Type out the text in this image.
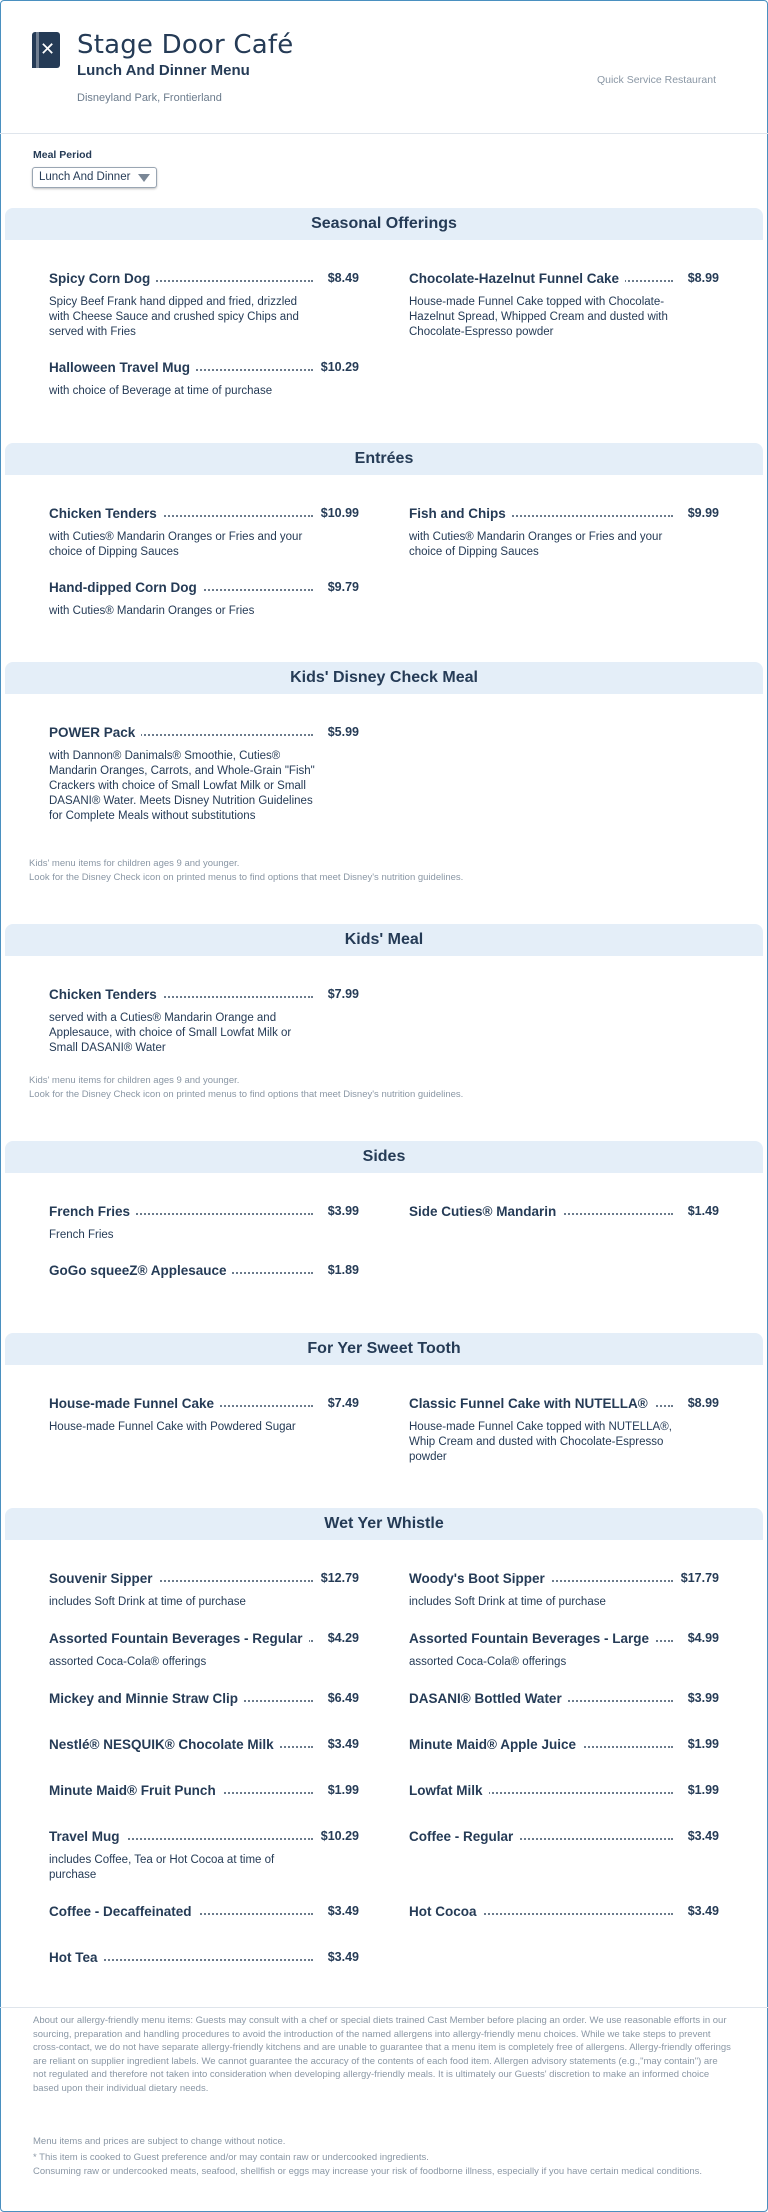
✕ Stage Door Café
Lunch And Dinner Menu
Disneyland Park, Frontierland
Quick Service Restaurant
Meal Period
Lunch And Dinner
Seasonal Offerings
Spicy Corn Dog	$8.49
Spicy Beef Frank hand dipped and fried, drizzled with Cheese Sauce and crushed spicy Chips and served with Fries
Chocolate-Hazelnut Funnel Cake	$8.99
House-made Funnel Cake topped with Chocolate-Hazelnut Spread, Whipped Cream and dusted with Chocolate-Espresso powder
Halloween Travel Mug	$10.29
with choice of Beverage at time of purchase
Entrées
Chicken Tenders	$10.99
with Cuties® Mandarin Oranges or Fries and your choice of Dipping Sauces
Fish and Chips	$9.99
with Cuties® Mandarin Oranges or Fries and your choice of Dipping Sauces
Hand-dipped Corn Dog	$9.79
with Cuties® Mandarin Oranges or Fries
Kids' Disney Check Meal
POWER Pack	$5.99
with Dannon® Danimals® Smoothie, Cuties® Mandarin Oranges, Carrots, and Whole-Grain "Fish" Crackers with choice of Small Lowfat Milk or Small DASANI® Water. Meets Disney Nutrition Guidelines for Complete Meals without substitutions
Kids' menu items for children ages 9 and younger.
Look for the Disney Check icon on printed menus to find options that meet Disney's nutrition guidelines.
Kids' Meal
Chicken Tenders	$7.99
served with a Cuties® Mandarin Orange and Applesauce, with choice of Small Lowfat Milk or Small DASANI® Water
Kids' menu items for children ages 9 and younger.
Look for the Disney Check icon on printed menus to find options that meet Disney's nutrition guidelines.
Sides
French Fries	$3.99
French Fries
Side Cuties® Mandarin	$1.49
GoGo squeeZ® Applesauce	$1.89
For Yer Sweet Tooth
House-made Funnel Cake	$7.49
House-made Funnel Cake with Powdered Sugar
Classic Funnel Cake with NUTELLA®	$8.99
House-made Funnel Cake topped with NUTELLA®, Whip Cream and dusted with Chocolate-Espresso powder
Wet Yer Whistle
Souvenir Sipper	$12.79
includes Soft Drink at time of purchase
Woody's Boot Sipper	$17.79
includes Soft Drink at time of purchase
Assorted Fountain Beverages - Regular	$4.29
assorted Coca-Cola® offerings
Assorted Fountain Beverages - Large	$4.99
assorted Coca-Cola® offerings
Mickey and Minnie Straw Clip	$6.49	DASANI® Bottled Water	$3.99
Nestlé® NESQUIK® Chocolate Milk	$3.49	Minute Maid® Apple Juice	$1.99
Minute Maid® Fruit Punch	$1.99	Lowfat Milk	$1.99
Travel Mug	$10.29
includes Coffee, Tea or Hot Cocoa at time of purchase
Coffee - Regular	$3.49
Coffee - Decaffeinated	$3.49	Hot Cocoa	$3.49
Hot Tea	$3.49

About our allergy-friendly menu items: Guests may consult with a chef or special diets trained Cast Member before placing an order. We use reasonable efforts in our sourcing, preparation and handling procedures to avoid the introduction of the named allergens into allergy-friendly menu choices. While we take steps to prevent cross-contact, we do not have separate allergy-friendly kitchens and are unable to guarantee that a menu item is completely free of allergens. Allergy-friendly offerings are reliant on supplier ingredient labels. We cannot guarantee the accuracy of the contents of each food item. Allergen advisory statements (e.g.,"may contain") are not regulated and therefore not taken into consideration when developing allergy-friendly meals. It is ultimately our Guests' discretion to make an informed choice based upon their individual dietary needs.

Menu items and prices are subject to change without notice.

* This item is cooked to Guest preference and/or may contain raw or undercooked ingredients.

Consuming raw or undercooked meats, seafood, shellfish or eggs may increase your risk of foodborne illness, especially if you have certain medical conditions.
